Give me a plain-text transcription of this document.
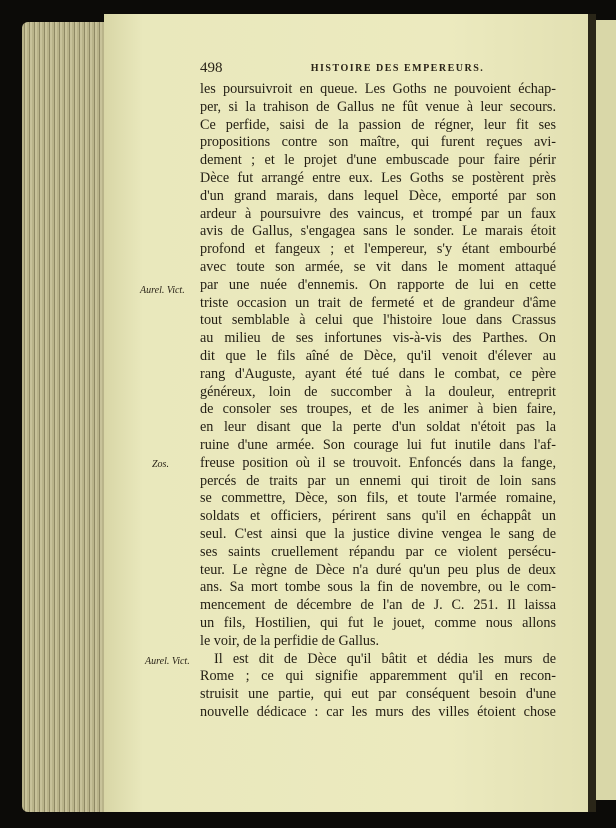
498	HISTOIRE DES EMPEREURS.
Aurel. Vict.
Zos.
Aurel. Vict.
les poursuivroit en queue. Les Goths ne pouvoient échap-
per, si la trahison de Gallus ne fût venue à leur secours.
Ce perfide, saisi de la passion de régner, leur fit ses
propositions contre son maître, qui furent reçues avi-
dement ; et le projet d'une embuscade pour faire périr
Dèce fut arrangé entre eux. Les Goths se postèrent près
d'un grand marais, dans lequel Dèce, emporté par son
ardeur à poursuivre des vaincus, et trompé par un faux
avis de Gallus, s'engagea sans le sonder. Le marais étoit
profond et fangeux ; et l'empereur, s'y étant embourbé
avec toute son armée, se vit dans le moment attaqué
par une nuée d'ennemis. On rapporte de lui en cette
triste occasion un trait de fermeté et de grandeur d'âme
tout semblable à celui que l'histoire loue dans Crassus
au milieu de ses infortunes vis-à-vis des Parthes. On
dit que le fils aîné de Dèce, qu'il venoit d'élever au
rang d'Auguste, ayant été tué dans le combat, ce père
généreux, loin de succomber à la douleur, entreprit
de consoler ses troupes, et de les animer à bien faire,
en leur disant que la perte d'un soldat n'étoit pas la
ruine d'une armée. Son courage lui fut inutile dans l'af-
freuse position où il se trouvoit. Enfoncés dans la fange,
percés de traits par un ennemi qui tiroit de loin sans
se commettre, Dèce, son fils, et toute l'armée romaine,
soldats et officiers, périrent sans qu'il en échappât un
seul. C'est ainsi que la justice divine vengea le sang de
ses saints cruellement répandu par ce violent persécu-
teur. Le règne de Dèce n'a duré qu'un peu plus de deux
ans. Sa mort tombe sous la fin de novembre, ou le com-
mencement de décembre de l'an de J. C. 251. Il laissa
un fils, Hostilien, qui fut le jouet, comme nous allons
le voir, de la perfidie de Gallus.
Il est dit de Dèce qu'il bâtit et dédia les murs de
Rome ; ce qui signifie apparemment qu'il en recon-
struisit une partie, qui eut par conséquent besoin d'une
nouvelle dédicace : car les murs des villes étoient chose
